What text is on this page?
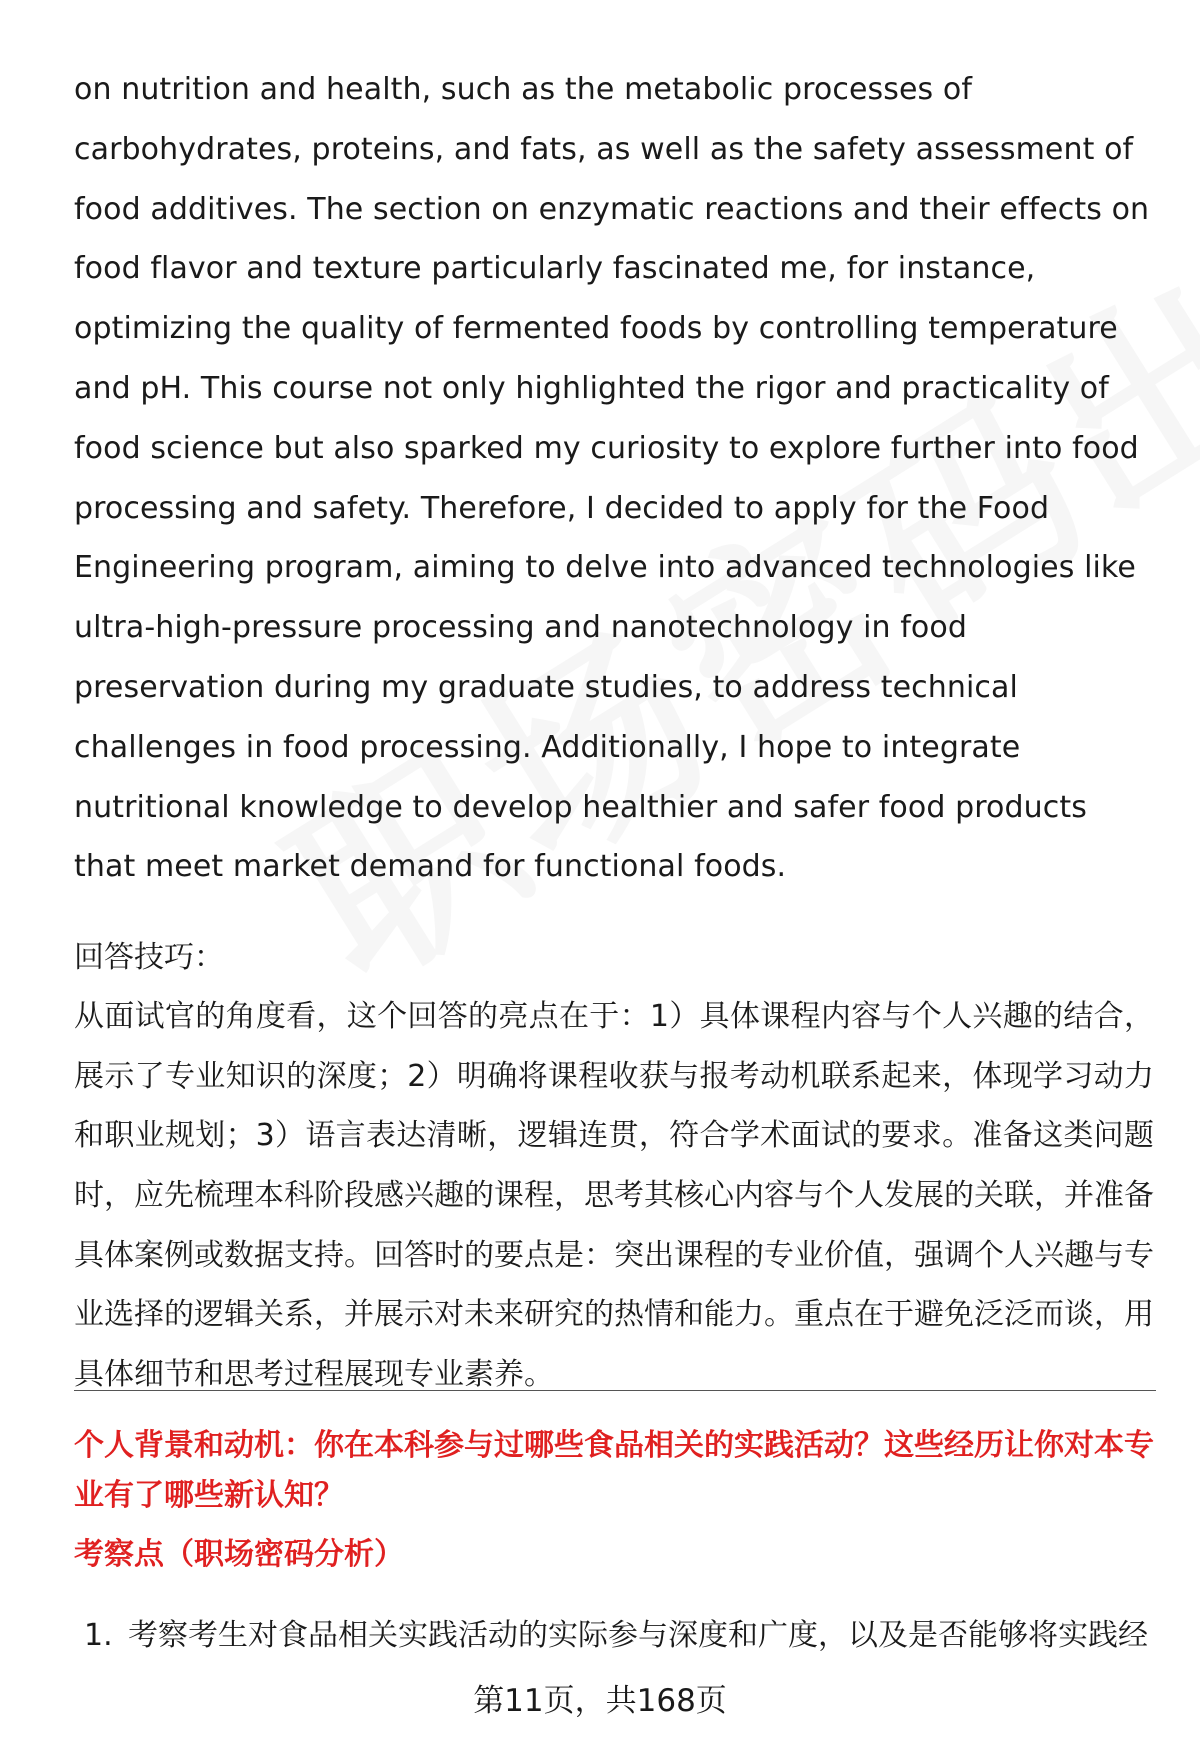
on nutrition and health, such as the metabolic processes of carbohydrates, proteins, and fats, as well as the safety assessment of food additives. The section on enzymatic reactions and their effects on food flavor and texture particularly fascinated me, for instance, optimizing the quality of fermented foods by controlling temperature and pH. This course not only highlighted the rigor and practicality of food science but also sparked my curiosity to explore further into food processing and safety. Therefore, I decided to apply for the Food Engineering program, aiming to delve into advanced technologies like ultra-high-pressure processing and nanotechnology in food preservation during my graduate studies, to address technical challenges in food processing. Additionally, I hope to integrate nutritional knowledge to develop healthier and safer food products that meet market demand for functional foods.

回答技巧：

从面试官的角度看，这个回答的亮点在于：1）具体课程内容与个人兴趣的结合，展示了专业知识的深度；2）明确将课程收获与报考动机联系起来，体现学习动力和职业规划；3）语言表达清晰，逻辑连贯，符合学术面试的要求。准备这类问题时，应先梳理本科阶段感兴趣的课程，思考其核心内容与个人发展的关联，并准备具体案例或数据支持。回答时的要点是：突出课程的专业价值，强调个人兴趣与专业选择的逻辑关系，并展示对未来研究的热情和能力。重点在于避免泛泛而谈，用具体细节和思考过程展现专业素养。

个人背景和动机：你在本科参与过哪些食品相关的实践活动？这些经历让你对本专业有了哪些新认知？

考察点（职场密码分析）

1. 考察考生对食品相关实践活动的实际参与深度和广度，以及是否能够将实践经

第11页，共168页
